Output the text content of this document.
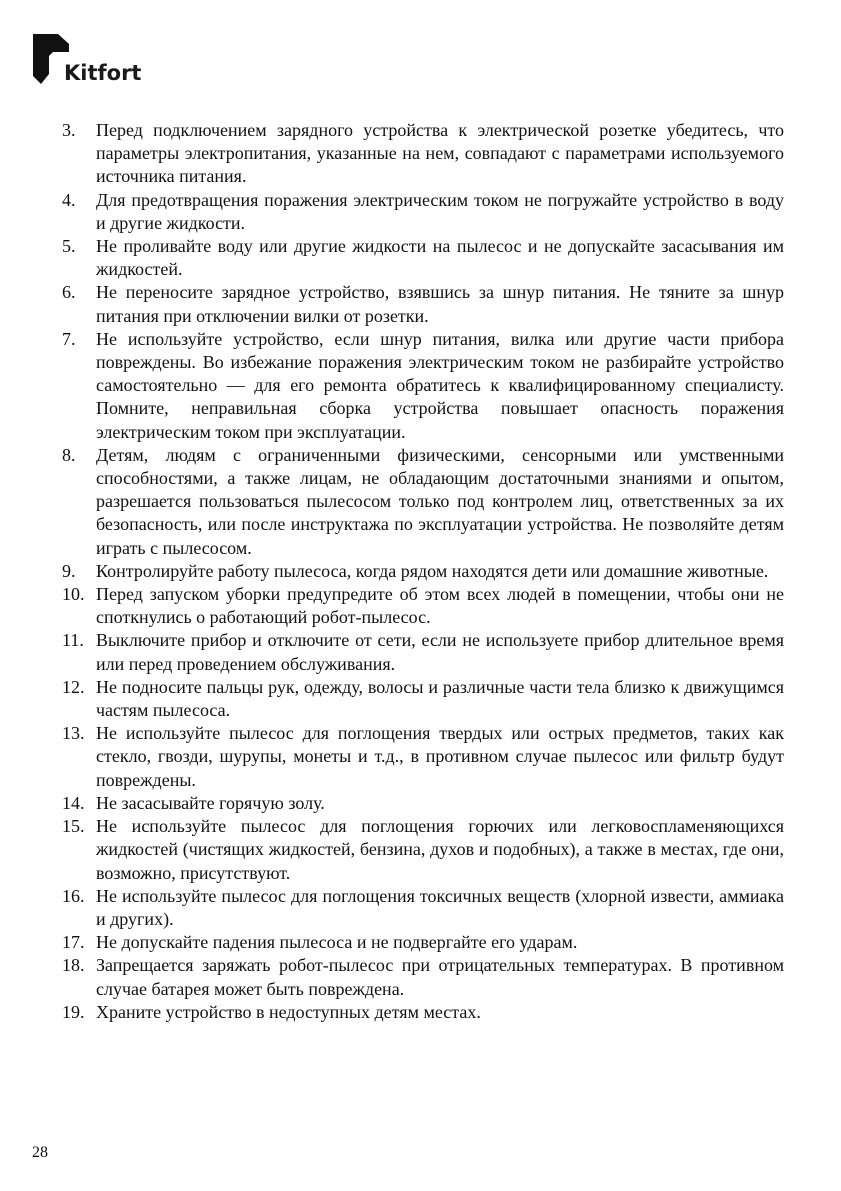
Kitfort
3.	Перед подключением зарядного устройства к электрической розетке убедитесь, что параметры электропитания, указанные на нем, совпадают с параметрами используемого источника питания.
4.	Для предотвращения поражения электрическим током не погружайте устройство в воду и другие жидкости.
5.	Не проливайте воду или другие жидкости на пылесос и не допускайте засасывания им жидкостей.
6.	Не переносите зарядное устройство, взявшись за шнур питания. Не тяните за шнур питания при отключении вилки от розетки.
7.	Не используйте устройство, если шнур питания, вилка или другие части прибора повреждены. Во избежание поражения электрическим током не разбирайте устройство самостоятельно — для его ремонта обратитесь к квалифицированному специалисту. Помните, неправильная сборка устройства повышает опасность поражения электрическим током при эксплуатации.
8.	Детям, людям с ограниченными физическими, сенсорными или умственными способностями, а также лицам, не обладающим достаточными знаниями и опытом, разрешается пользоваться пылесосом только под контролем лиц, ответственных за их безопасность, или после инструктажа по эксплуатации устройства. Не позволяйте детям играть с пылесосом.
9.	Контролируйте работу пылесоса, когда рядом находятся дети или домашние животные.
10. Перед запуском уборки предупредите об этом всех людей в помещении, чтобы они не споткнулись о работающий робот-пылесос.
11. Выключите прибор и отключите от сети, если не используете прибор длительное время или перед проведением обслуживания.
12. Не подносите пальцы рук, одежду, волосы и различные части тела близко к движущимся частям пылесоса.
13. Не используйте пылесос для поглощения твердых или острых предметов, таких как стекло, гвозди, шурупы, монеты и т.д., в противном случае пылесос или фильтр будут повреждены.
14. Не засасывайте горячую золу.
15. Не используйте пылесос для поглощения горючих или легковоспламеняющихся жидкостей (чистящих жидкостей, бензина, духов и подобных), а также в местах, где они, возможно, присутствуют.
16. Не используйте пылесос для поглощения токсичных веществ (хлорной извести, аммиака и других).
17. Не допускайте падения пылесоса и не подвергайте его ударам.
18. Запрещается заряжать робот-пылесос при отрицательных температурах. В противном случае батарея может быть повреждена.
19. Храните устройство в недоступных детям местах.
28
